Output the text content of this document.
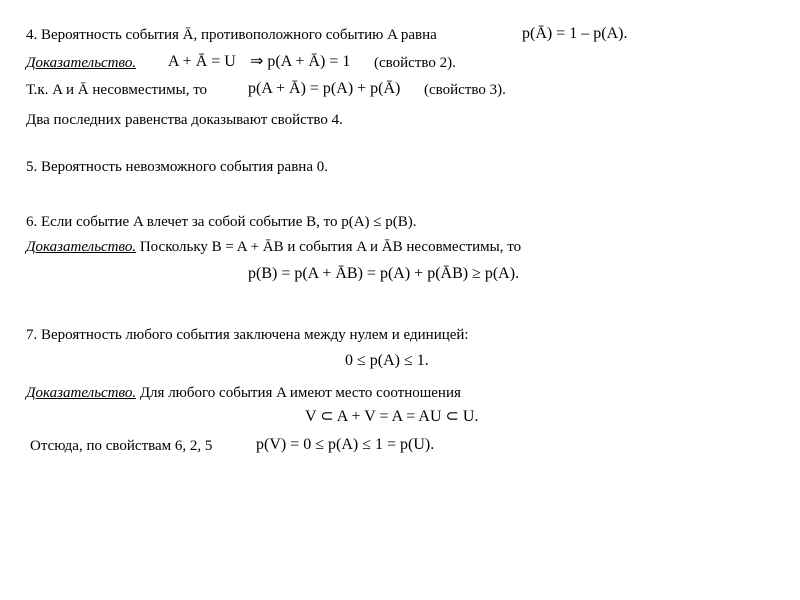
4. Вероятность события Ā, противоположного событию A равна	p(Ā) = 1 – p(A).
Доказательство. A + Ā = U ⇒ p(A + Ā) = 1 (свойство 2).
Т.к. A и Ā несовместимы, то	p(A + Ā) = p(A) + p(Ā) (свойство 3).
Два последних равенства доказывают свойство 4.
5. Вероятность невозможного события равна 0.
6. Если событие A влечет за собой событие B, то p(A) ≤ p(B).
Доказательство. Поскольку B = A + ĀB и события A и ĀB несовместимы, то
p(B) = p(A + ĀB) = p(A) + p(ĀB) ≥ p(A).
7. Вероятность любого события заключена между нулем и единицей:
0 ≤ p(A) ≤ 1.
Доказательство. Для любого события A имеют место соотношения
V ⊂ A + V = A = AU ⊂ U.
Отсюда, по свойствам 6, 2, 5	p(V) = 0 ≤ p(A) ≤ 1 = p(U).
